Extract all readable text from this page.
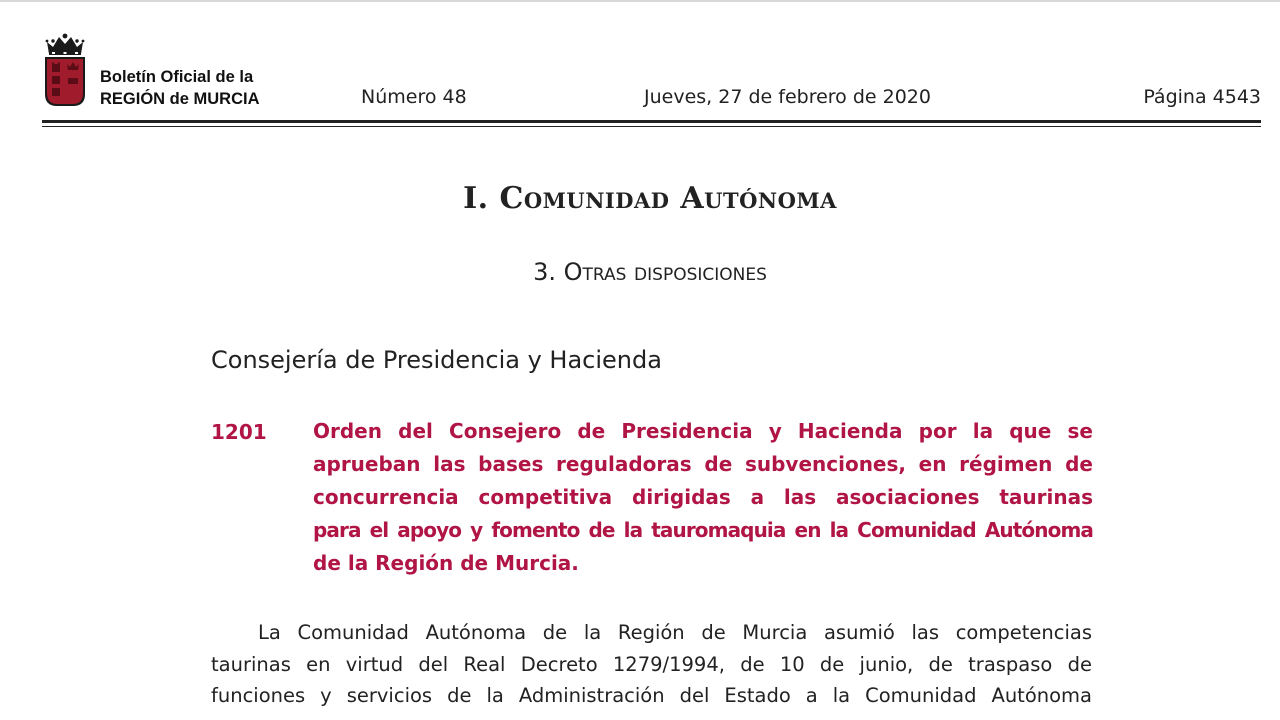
Boletín Oficial de la
REGIÓN de MURCIA	Número 48	Jueves, 27 de febrero de 2020	Página 4543
I. Comunidad Autónoma
3. Otras disposiciones
Consejería de Presidencia y Hacienda
1201 Orden del Consejero de Presidencia y Hacienda por la que se
aprueban las bases reguladoras de subvenciones, en régimen de
concurrencia competitiva dirigidas a las asociaciones taurinas
para el apoyo y fomento de la tauromaquia en la Comunidad Autónoma
de la Región de Murcia.
La Comunidad Autónoma de la Región de Murcia asumió las competencias
taurinas en virtud del Real Decreto 1279/1994, de 10 de junio, de traspaso de
funciones y servicios de la Administración del Estado a la Comunidad Autónoma
